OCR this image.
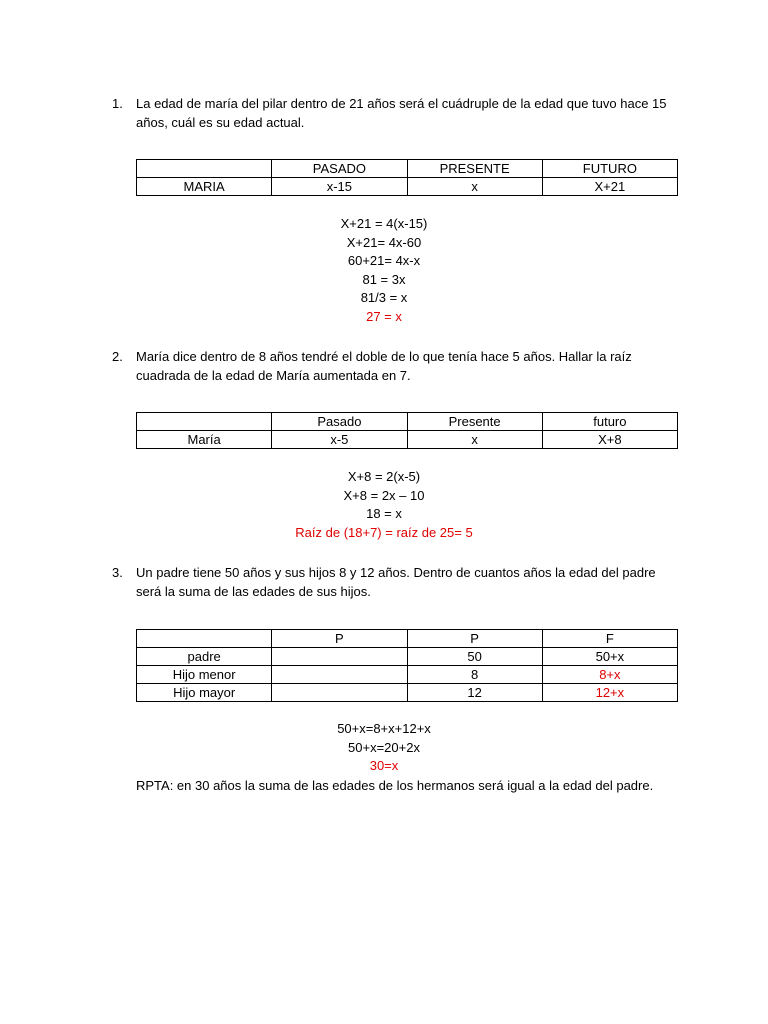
1.	La edad de maría del pilar dentro de 21 años será el cuádruple de la edad que tuvo hace 15 años, cuál es su edad actual.
	PASADO	PRESENTE	FUTURO
MARIA	x-15	x	X+21
X+21 = 4(x-15)
X+21= 4x-60
60+21= 4x-x
81 = 3x
81/3 = x
27 = x
2.	María dice dentro de 8 años tendré el doble de lo que tenía hace 5 años. Hallar la raíz cuadrada de la edad de María aumentada en 7.
	Pasado	Presente	futuro
María	x-5	x	X+8
X+8 = 2(x-5)
X+8 = 2x – 10
18 = x
Raíz de (18+7) = raíz de 25= 5
3.	Un padre tiene 50 años y sus hijos 8 y 12 años. Dentro de cuantos años la edad del padre será la suma de las edades de sus hijos.
	P	P	F
padre		50	50+x
Hijo menor		8	8+x
Hijo mayor		12	12+x
50+x=8+x+12+x
50+x=20+2x
30=x
RPTA: en 30 años la suma de las edades de los hermanos será igual a la edad del padre.
